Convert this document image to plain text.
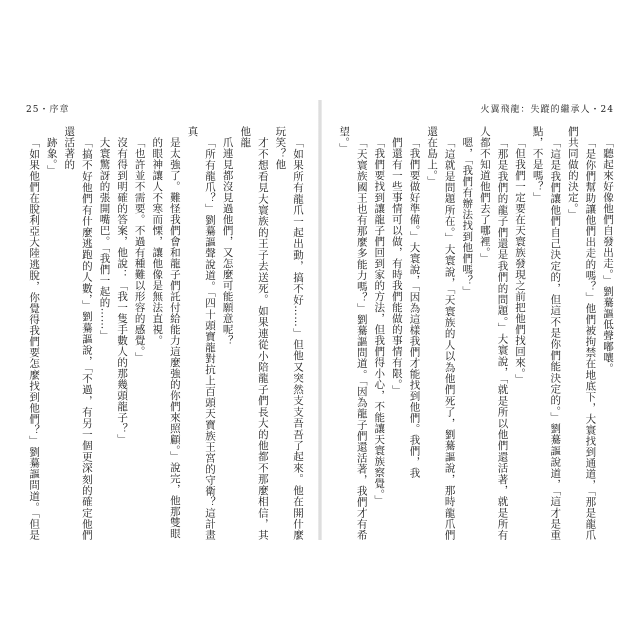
25・序章

「如果所有龍爪一起出動，搞不好……」但他又突然支支吾吾了起來。他在開什麼玩笑？他

才不想看見大寰族的王子去送死。如果連從小陪龍子們長大的他都不那麼相信，其他龍

爪連見都沒見過他們，又怎麼可能願意呢？

「所有龍爪？」劉驀謳聲說道。「四十頭寶龍對抗上百頭天寶族王宮的守衛？這計畫真

是太強了。難怪我們會和龍子們託付給能力這麼強的你們來照顧。」說完，他那雙眼

的眼神讓人不寒而慄，讓他像是無法直視。

「也許並不需要。不過有種難以形容的感覺。」

沒有得到明確的答案，他說：「我一隻手數人的那幾頭龍子？」

大寰驚訝的張開嘴巴。「我們一起的……」

「搞不好他們有什麼逃跑的人數，」劉驀謳說，「不過，有另一個更深刻的確定他們還活著的

跡象。」

「如果他們在脫利亞大陸逃脫，你覺得我們要怎麼找到他們？」劉驀謳問道。「但是

火翼飛龍：失蹤的繼承人・24

「聽起來好像他們自發出走。」劉驀謳低聲嘟嚷。

「是你們幫助讓他們出走的嗎？」他們被拘禁在地底下，大寰找到通道，「那是龍爪們共同做的決定。」

「這是我們讓他們自己決定的，但這不是你們能決定的。」劉驀謳說道，「這才是重點，不是嗎？」

「但我們一定要在天寰族發現之前把他們找回來。」

「那是我們的龍子們還是我們的問題。」大寰說，「就是所以他們還活著，就是所有人都不知道他們去了哪裡。」

嗯，「我們有辦法找到他們嗎？」

「這就是問題所在。」大寰說，「天寰族的人以為他們死了，劉驀謳說，那時龍爪們還在島上。」

「我們要做好準備。」大寰說，「因為這樣我們才能找到他們。我們，我

們還有一些事情可以做，有時我們能做的事情有限。」

「我們要找到讓龍子們回到家的方法，但我們得小心，不能讓天寰族察覺。」

「天寰族國王也有那麼多能力嗎？」劉驀謳問道。「因為龍子們還活著，我們才有希望。」
